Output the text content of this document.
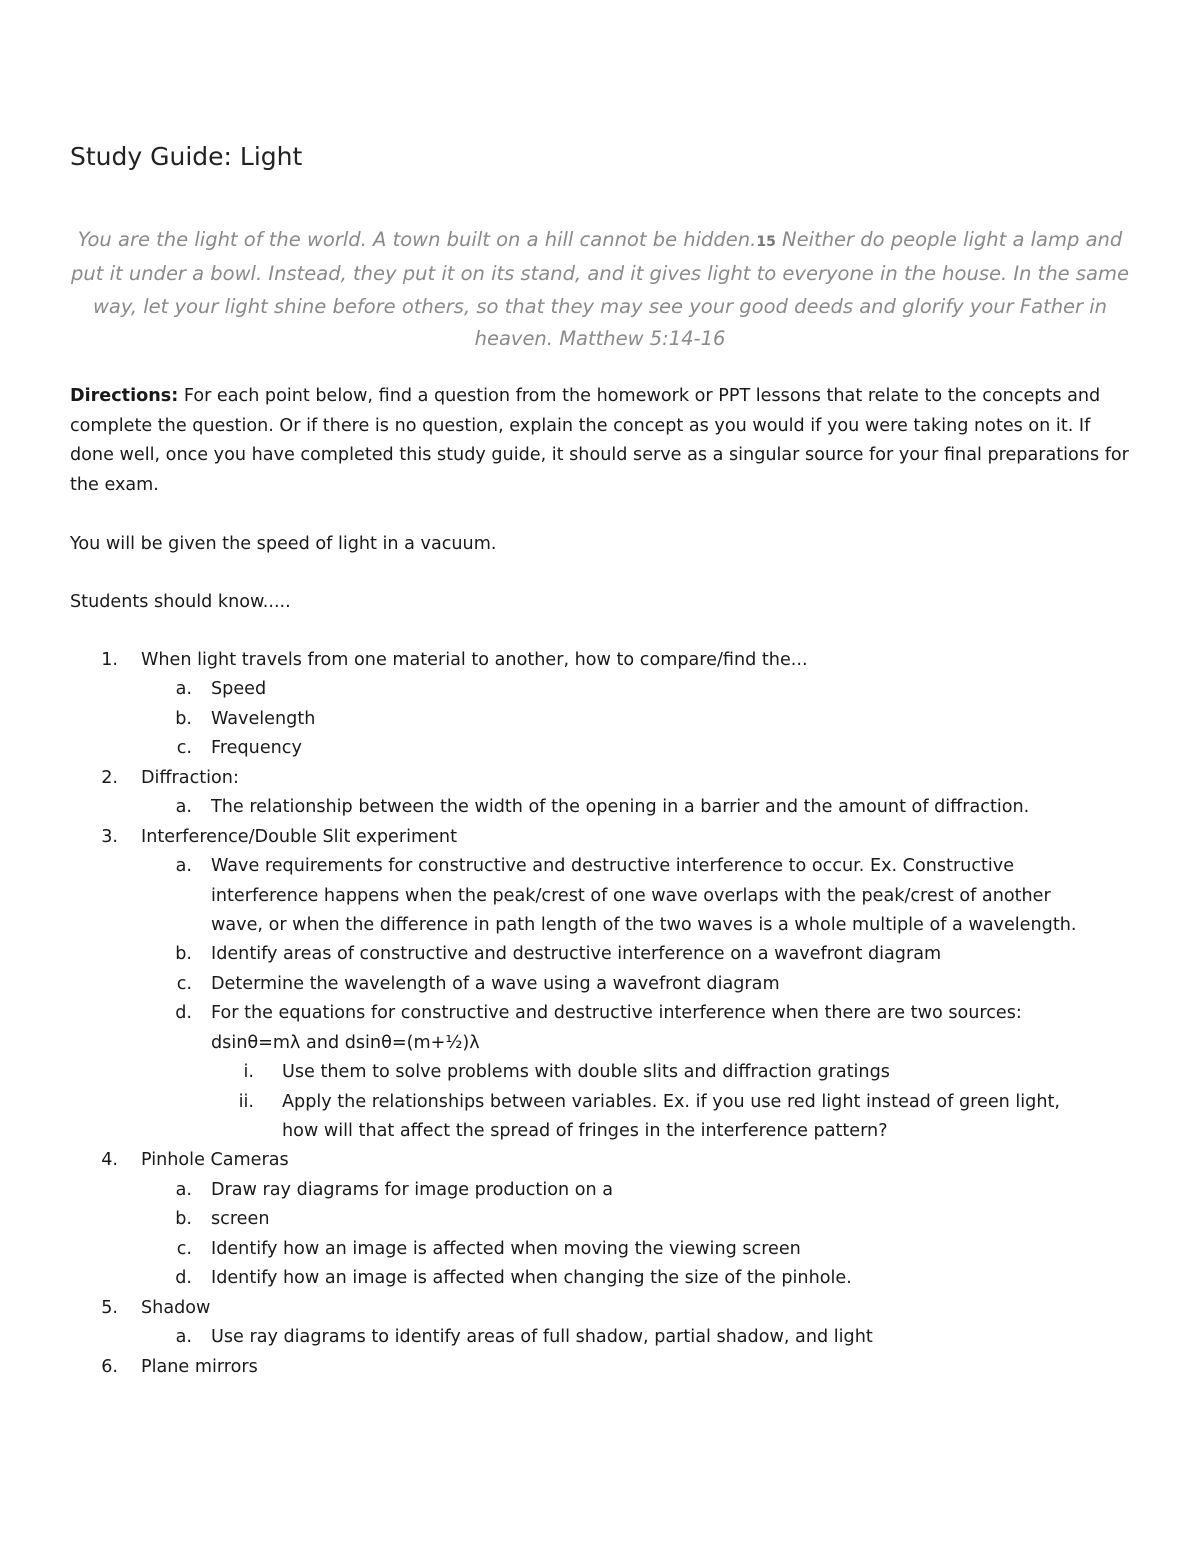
Study Guide: Light
You are the light of the world. A town built on a hill cannot be hidden.15 Neither do people light a lamp and put it under a bowl. Instead, they put it on its stand, and it gives light to everyone in the house. In the same way, let your light shine before others, so that they may see your good deeds and glorify your Father in heaven. Matthew 5:14-16
Directions: For each point below, find a question from the homework or PPT lessons that relate to the concepts and complete the question. Or if there is no question, explain the concept as you would if you were taking notes on it. If done well, once you have completed this study guide, it should serve as a singular source for your final preparations for the exam.
You will be given the speed of light in a vacuum.
Students should know.....
1. When light travels from one material to another, how to compare/find the...
a. Speed
b. Wavelength
c. Frequency
2. Diffraction:
a. The relationship between the width of the opening in a barrier and the amount of diffraction.
3. Interference/Double Slit experiment
a. Wave requirements for constructive and destructive interference to occur. Ex. Constructive
interference happens when the peak/crest of one wave overlaps with the peak/crest of another
wave, or when the difference in path length of the two waves is a whole multiple of a wavelength.
b. Identify areas of constructive and destructive interference on a wavefront diagram
c. Determine the wavelength of a wave using a wavefront diagram
d. For the equations for constructive and destructive interference when there are two sources:
dsinθ=mλ and dsinθ=(m+½)λ
i. Use them to solve problems with double slits and diffraction gratings
ii. Apply the relationships between variables. Ex. if you use red light instead of green light,
how will that affect the spread of fringes in the interference pattern?
4. Pinhole Cameras
a. Draw ray diagrams for image production on a
b. screen
c. Identify how an image is affected when moving the viewing screen
d. Identify how an image is affected when changing the size of the pinhole.
5. Shadow
a. Use ray diagrams to identify areas of full shadow, partial shadow, and light
6. Plane mirrors
